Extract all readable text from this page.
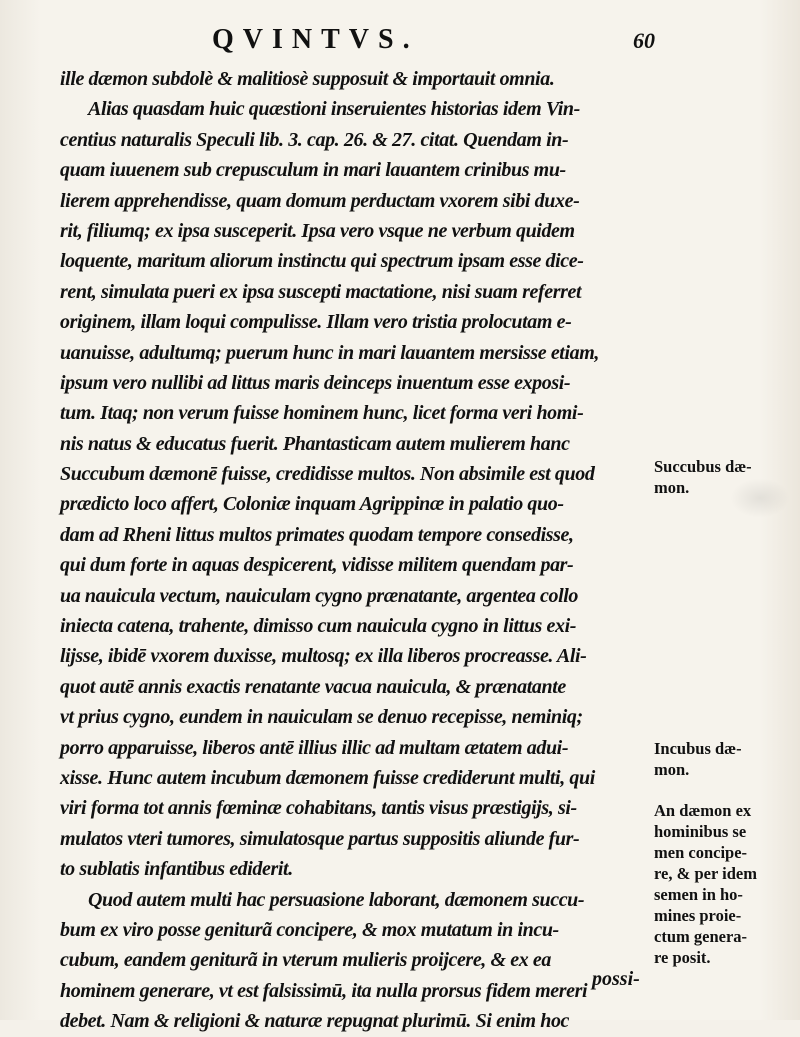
QVINTVS.	60
ille dæmon subdolè & malitiosè supposuit & importauit omnia.
Alias quasdam huic quæstioni inseruientes historias idem Vin-
centius naturalis Speculi lib. 3. cap. 26. & 27. citat. Quendam in-
quam iuuenem sub crepusculum in mari lauantem crinibus mu-
lierem apprehendisse, quam domum perductam vxorem sibi duxe-
rit, filiumq; ex ipsa susceperit. Ipsa vero vsque ne verbum quidem
loquente, maritum aliorum instinctu qui spectrum ipsam esse dice-
rent, simulata pueri ex ipsa suscepti mactatione, nisi suam referret
originem, illam loqui compulisse. Illam vero tristia prolocutam e-
uanuisse, adultumq; puerum hunc in mari lauantem mersisse etiam,
ipsum vero nullibi ad littus maris deinceps inuentum esse exposi-
tum. Itaq; non verum fuisse hominem hunc, licet forma veri homi-
nis natus & educatus fuerit. Phantasticam autem mulierem hanc
Succubum dæmonē fuisse, credidisse multos. Non absimile est quod
prædicto loco affert, Coloniæ inquam Agrippinæ in palatio quo-
dam ad Rheni littus multos primates quodam tempore consedisse,
qui dum forte in aquas despicerent, vidisse militem quendam par-
ua nauicula vectum, nauiculam cygno prænatante, argentea collo
iniecta catena, trahente, dimisso cum nauicula cygno in littus exi-
lijsse, ibidē vxorem duxisse, multosq; ex illa liberos procreasse. Ali-
quot autē annis exactis renatante vacua nauicula, & prænatante
vt prius cygno, eundem in nauiculam se denuo recepisse, neminiq;
porro apparuisse, liberos antē illius illic ad multam ætatem adui-
xisse. Hunc autem incubum dæmonem fuisse crediderunt multi, qui
viri forma tot annis fœminæ cohabitans, tantis visus præstigijs, si-
mulatos vteri tumores, simulatosque partus suppositis aliunde fur-
to sublatis infantibus ediderit.
Quod autem multi hac persuasione laborant, dæmonem succu-
bum ex viro posse geniturã concipere, & mox mutatum in incu-
cubum, eandem geniturã in vterum mulieris proijcere, & ex ea
hominem generare, vt est falsissimū, ita nulla prorsus fidem mereri
debet. Nam & religioni & naturæ repugnat plurimū. Si enim hoc
possi-
Succubus dæ-
mon.
Incubus dæ-
mon.
An dæmon ex
hominibus se
men concipe-
re, & per idem
semen in ho-
mines proie-
ctum genera-
re posit.
